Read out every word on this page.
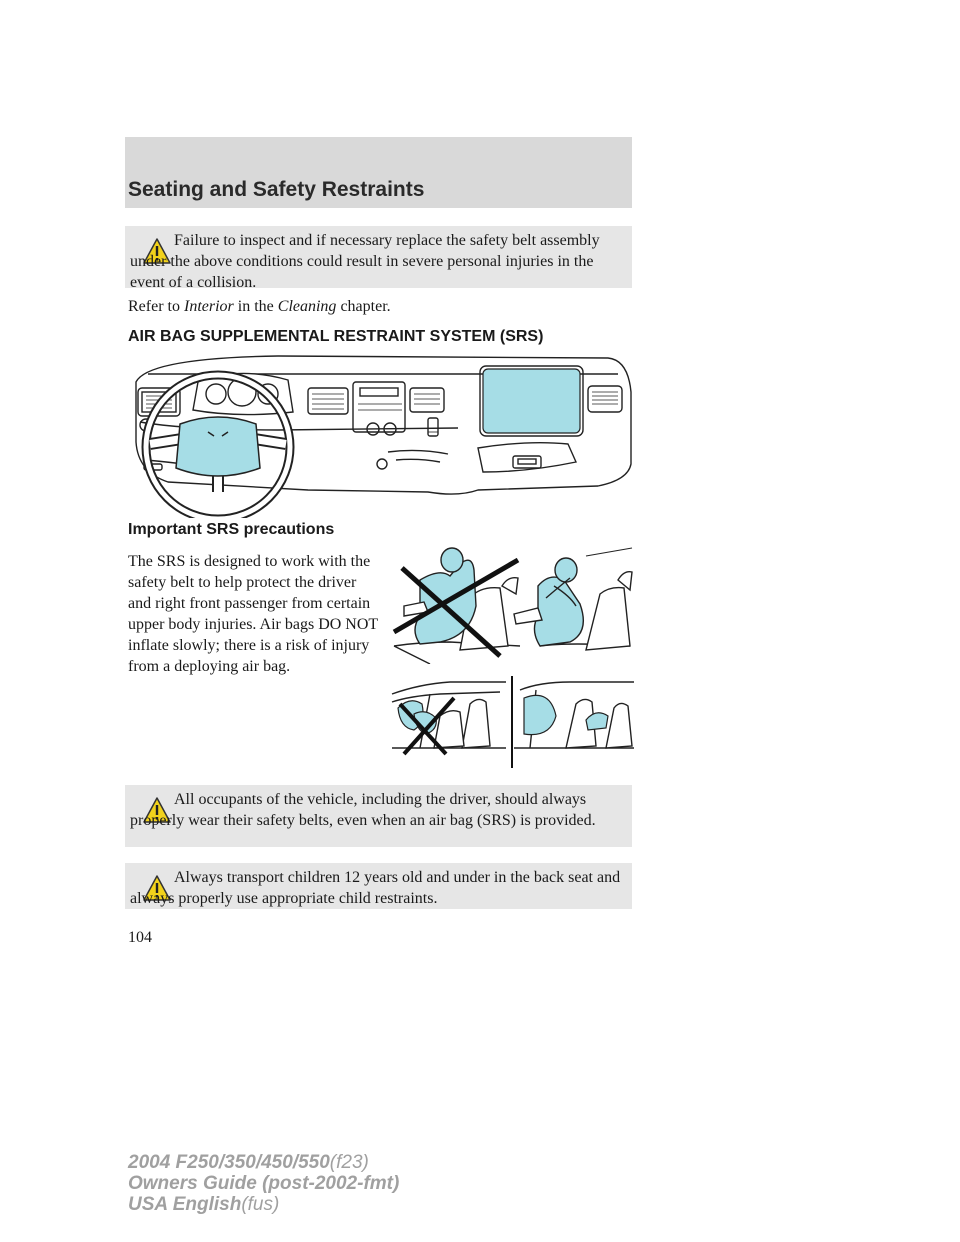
Seating and Safety Restraints
Failure to inspect and if necessary replace the safety belt assembly under the above conditions could result in severe personal injuries in the event of a collision.
Refer to Interior in the Cleaning chapter.
AIR BAG SUPPLEMENTAL RESTRAINT SYSTEM (SRS)
Important SRS precautions
The SRS is designed to work with the safety belt to help protect the driver and right front passenger from certain upper body injuries. Air bags DO NOT inflate slowly; there is a risk of injury from a deploying air bag.
All occupants of the vehicle, including the driver, should always properly wear their safety belts, even when an air bag (SRS) is provided.
Always transport children 12 years old and under in the back seat and always properly use appropriate child restraints.
104
2004 F250/350/450/550(f23)
Owners Guide (post-2002-fmt)
USA English(fus)
